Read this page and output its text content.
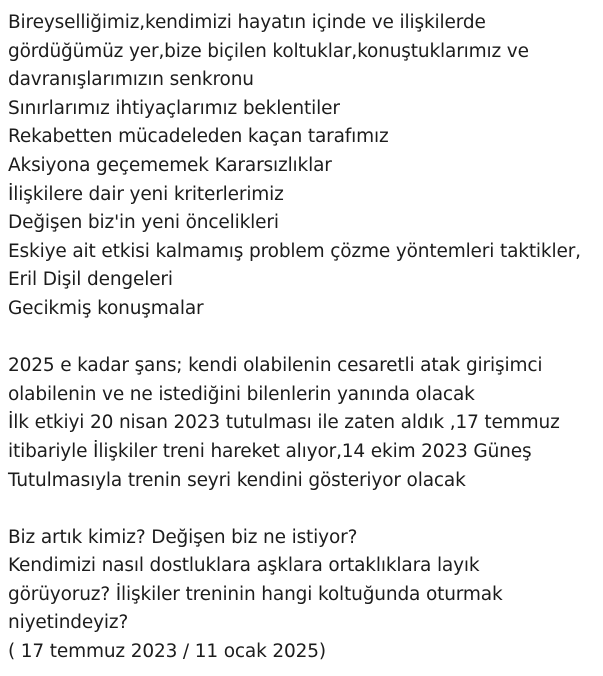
Bireyselliğimiz,kendimizi hayatın içinde ve ilişkilerde
gördüğümüz yer,bize biçilen koltuklar,konuştuklarımız ve
davranışlarımızın senkronu
Sınırlarımız ihtiyaçlarımız beklentiler
Rekabetten mücadeleden kaçan tarafımız
Aksiyona geçememek Kararsızlıklar
İlişkilere dair yeni kriterlerimiz
Değişen biz'in yeni öncelikleri
Eskiye ait etkisi kalmamış problem çözme yöntemleri taktikler,
Eril Dişil dengeleri
Gecikmiş konuşmalar
2025 e kadar şans; kendi olabilenin cesaretli atak girişimci
olabilenin ve ne istediğini bilenlerin yanında olacak
İlk etkiyi 20 nisan 2023 tutulması ile zaten aldık ,17 temmuz
itibariyle İlişkiler treni hareket alıyor,14 ekim 2023 Güneş
Tutulmasıyla trenin seyri kendini gösteriyor olacak
Biz artık kimiz? Değişen biz ne istiyor?
Kendimizi nasıl dostluklara aşklara ortaklıklara layık
görüyoruz? İlişkiler treninin hangi koltuğunda oturmak
niyetindeyiz?
( 17 temmuz 2023 / 11 ocak 2025)
